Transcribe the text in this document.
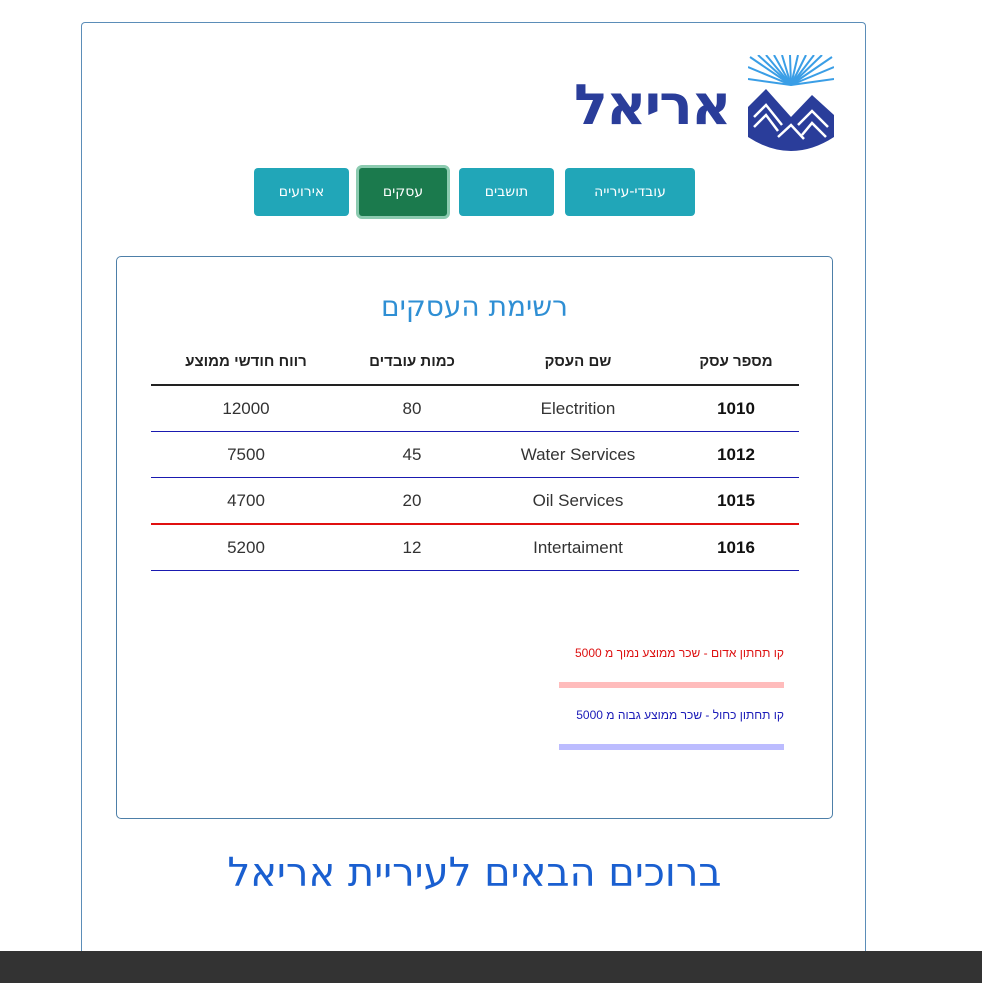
אריאל
עובדי-עירייה
תושבים
עסקים
אירועים
רשימת העסקים
מספר עסק
שם העסק
כמות עובדים
רווח חודשי ממוצע
1010
Electrition
80
12000
1012
Water Services
45
7500
1015
Oil Services
20
4700
1016
Intertaiment
12
5200
קו תחתון אדום - שכר ממוצע נמוך מ 5000
קו תחתון כחול - שכר ממוצע גבוה מ 5000
ברוכים הבאים לעיריית אריאל
